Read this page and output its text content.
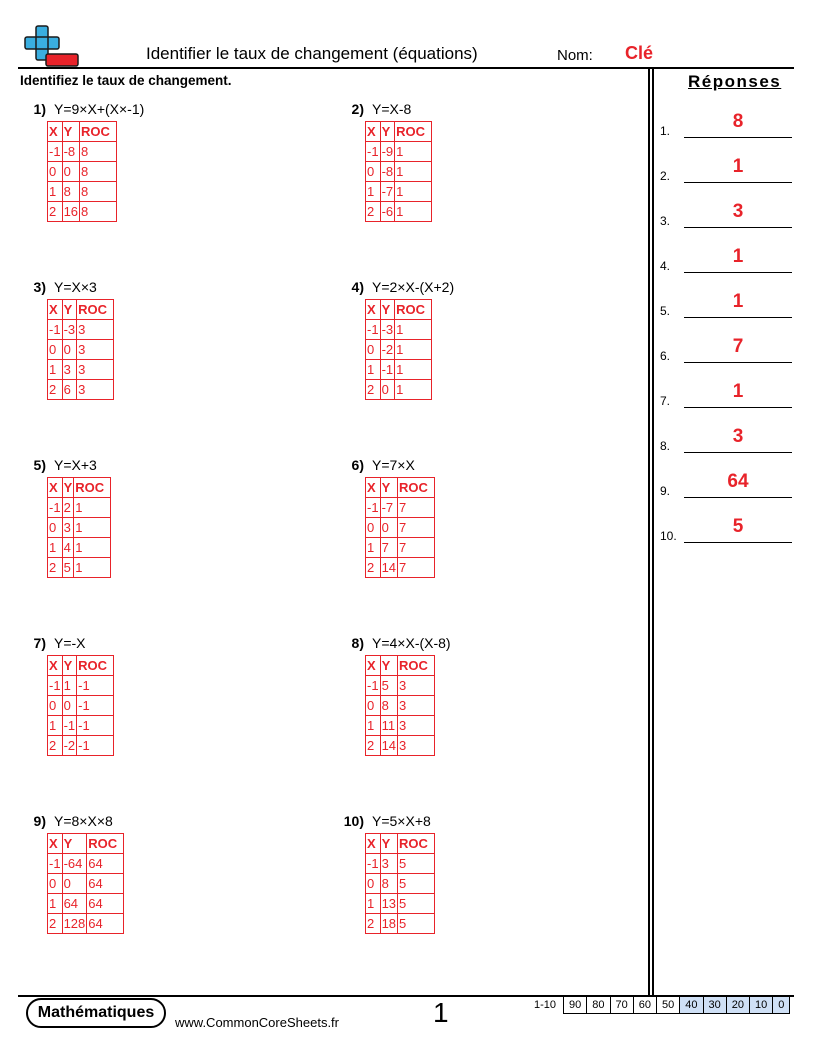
Identifier le taux de changement (équations)	Nom: Clé
Identifiez le taux de changement.
1) Y=9×X+(X×-1)
X	Y	ROC
-1	-8	8
0	0	8
1	8	8
2	16	8
2) Y=X-8
X	Y	ROC
-1	-9	1
0	-8	1
1	-7	1
2	-6	1
3) Y=X×3
X	Y	ROC
-1	-3	3
0	0	3
1	3	3
2	6	3
4) Y=2×X-(X+2)
X	Y	ROC
-1	-3	1
0	-2	1
1	-1	1
2	0	1
5) Y=X+3
X	Y	ROC
-1	2	1
0	3	1
1	4	1
2	5	1
6) Y=7×X
X	Y	ROC
-1	-7	7
0	0	7
1	7	7
2	14	7
7) Y=-X
X	Y	ROC
-1	1	-1
0	0	-1
1	-1	-1
2	-2	-1
8) Y=4×X-(X-8)
X	Y	ROC
-1	5	3
0	8	3
1	11	3
2	14	3
9) Y=8×X×8
X	Y	ROC
-1	-64	64
0	0	64
1	64	64
2	128	64
10) Y=5×X+8
X	Y	ROC
-1	3	5
0	8	5
1	13	5
2	18	5
Réponses
1.	8
2.	1
3.	3
4.	1
5.	1
6.	7
7.	1
8.	3
9.	64
10.	5
Mathématiques
www.CommonCoreSheets.fr	1	1-10	90	80	70	60	50	40	30	20	10	0
